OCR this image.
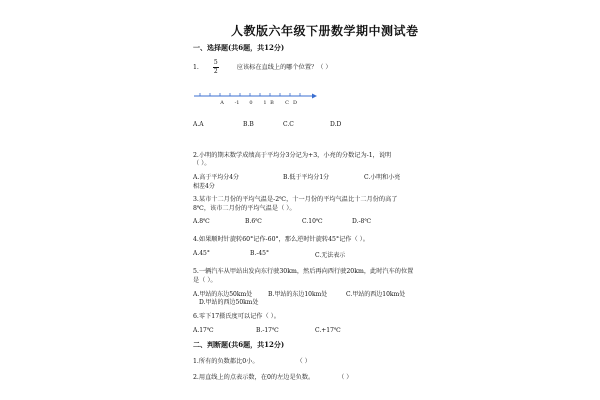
人教版六年级下册数学期中测试卷
一、选择题(共6题，共12分)
1. $\frac{5}{2}$	应该标在直线上的哪个位置？（ ）
A -1 0 1 B C D
A.A	B.B	C.C	D.D
2.小明的期末数学成绩高于平均分3分记为+3，小亮的分数记为-1，说明
（ ）。
A.高于平均分4分	B.低于平均分1分	C.小明和小亮
相差4分
3.某市十二月份的平均气温是-2℃，十一月份的平均气温比十二月份的高了
8℃，该市二月份的平均气温是（ ）。
A.8℃	B.6℃	C.10℃	D.-8℃
4.如果顺时针旋转60°记作-60°，那么逆时针旋转45°记作（ ）。
A.45°	B.-45°	C.无法表示
5.一辆汽车从甲站出发向东行驶30km，然后再向西行驶20km，此时汽车的位置
是（ ）。
A.甲站的东边50km处	B.甲站的东边10km处	C.甲站的西边10km处
D.甲站的西边50km处
6.零下17摄氏度可以记作（ ）。
A.17℃	B.-17℃	C.+17℃
二、判断题(共6题，共12分)
1.所有的负数都比0小。	（ ）
2.用直线上的点表示数，在0的左边是负数。	（ ）
